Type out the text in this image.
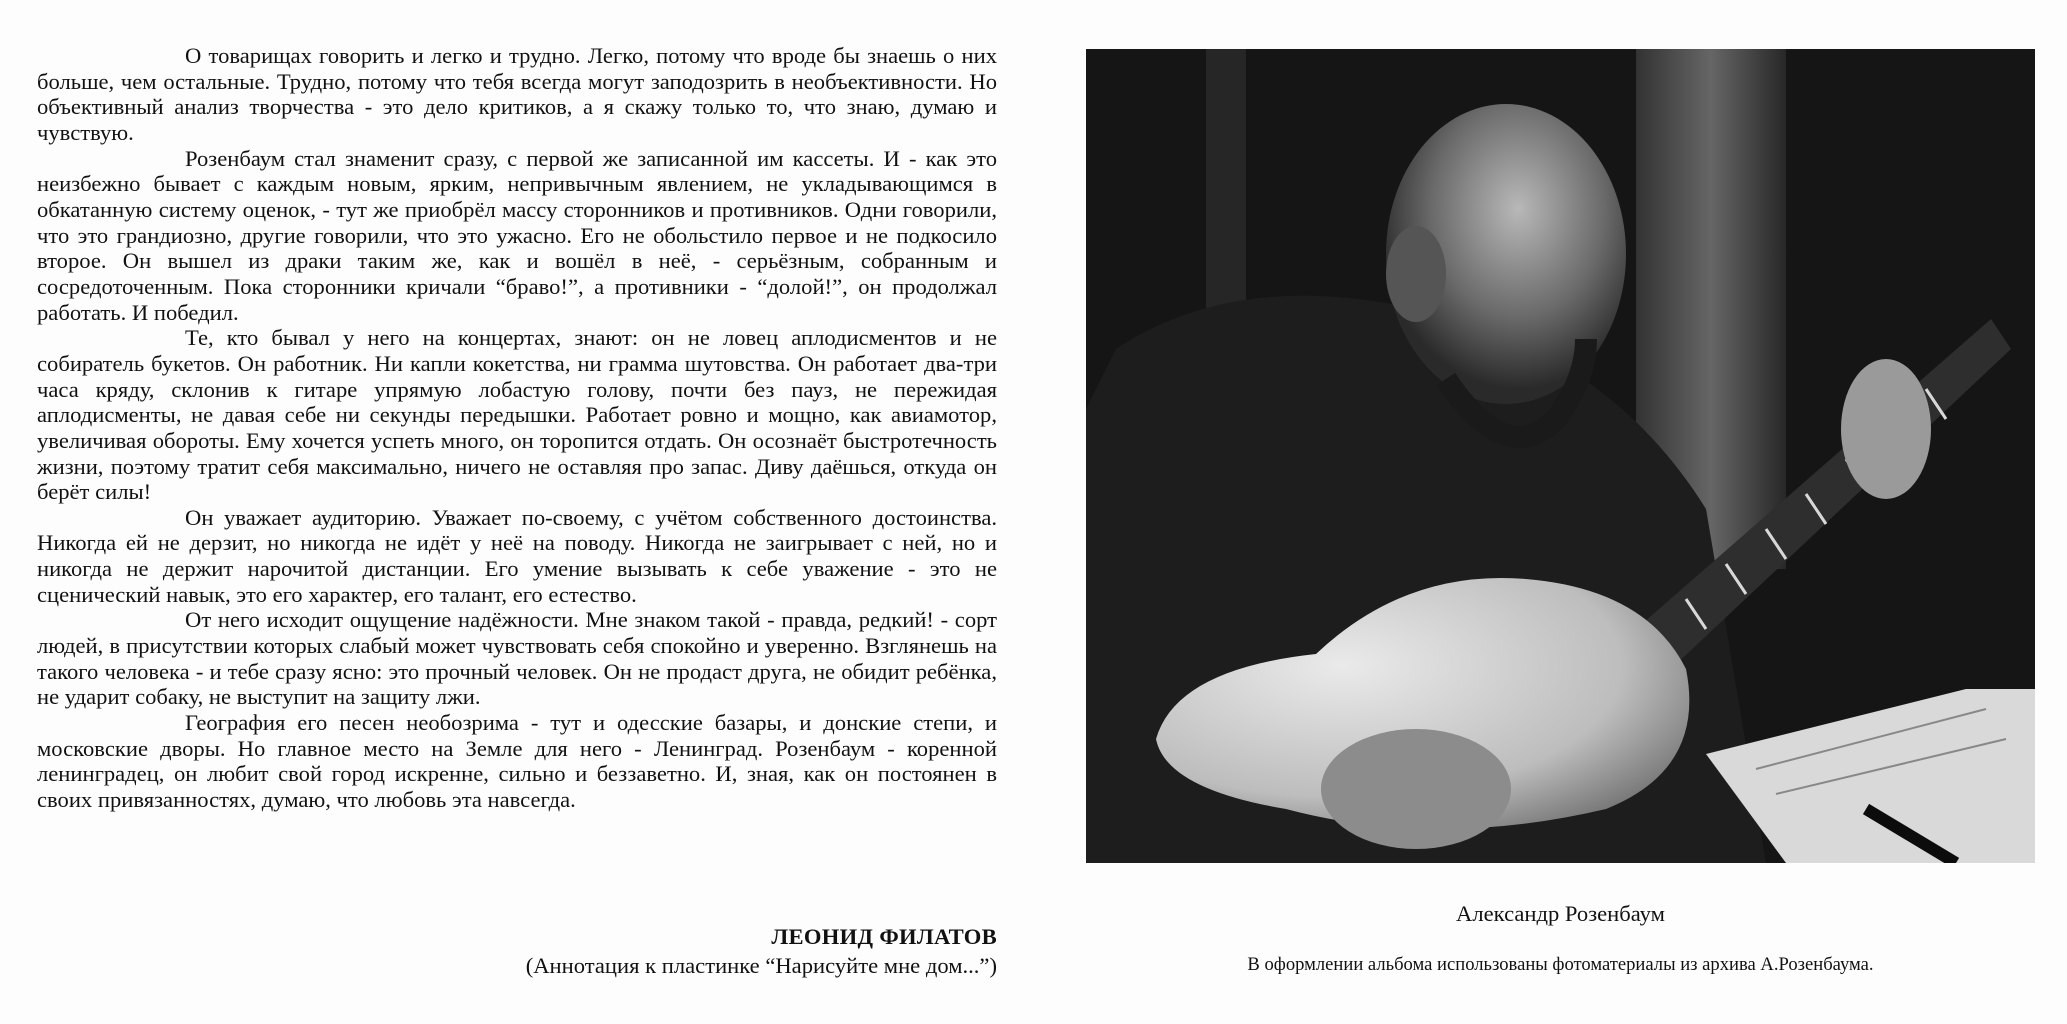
О товарищах говорить и легко и трудно. Легко, потому что вроде бы знаешь о них больше, чем остальные. Трудно, потому что тебя всегда могут заподозрить в необъективности. Но объективный анализ творчества - это дело критиков, а я скажу только то, что знаю, думаю и чувствую.

Розенбаум стал знаменит сразу, с первой же записанной им кассеты. И - как это неизбежно бывает с каждым новым, ярким, непривычным явлением, не укладывающимся в обкатанную систему оценок, - тут же приобрёл массу сторонников и противников. Одни говорили, что это грандиозно, другие говорили, что это ужасно. Его не обольстило первое и не подкосило второе. Он вышел из драки таким же, как и вошёл в неё, - серьёзным, собранным и сосредоточенным. Пока сторонники кричали “браво!”, а противники - “долой!”, он продолжал работать. И победил.

Те, кто бывал у него на концертах, знают: он не ловец аплодисментов и не собиратель букетов. Он работник. Ни капли кокетства, ни грамма шутовства. Он работает два-три часа кряду, склонив к гитаре упрямую лобастую голову, почти без пауз, не пережидая аплодисменты, не давая себе ни секунды передышки. Работает ровно и мощно, как авиамотор, увеличивая обороты. Ему хочется успеть много, он торопится отдать. Он осознаёт быстротечность жизни, поэтому тратит себя максимально, ничего не оставляя про запас. Диву даёшься, откуда он берёт силы!

Он уважает аудиторию. Уважает по-своему, с учётом собственного достоинства. Никогда ей не дерзит, но никогда не идёт у неё на поводу. Никогда не заигрывает с ней, но и никогда не держит нарочитой дистанции. Его умение вызывать к себе уважение - это не сценический навык, это его характер, его талант, его естество.

От него исходит ощущение надёжности. Мне знаком такой - правда, редкий! - сорт людей, в присутствии которых слабый может чувствовать себя спокойно и уверенно. Взглянешь на такого человека - и тебе сразу ясно: это прочный человек. Он не продаст друга, не обидит ребёнка, не ударит собаку, не выступит на защиту лжи.

География его песен необозрима - тут и одесские базары, и донские степи, и московские дворы. Но главное место на Земле для него - Ленинград. Розенбаум - коренной ленинградец, он любит свой город искренне, сильно и беззаветно. И, зная, как он постоянен в своих привязанностях, думаю, что любовь эта навсегда.

ЛЕОНИД ФИЛАТОВ
(Аннотация к пластинке “Нарисуйте мне дом...”)
Александр Розенбаум
В оформлении альбома использованы фотоматериалы из архива А.Розенбаума.
